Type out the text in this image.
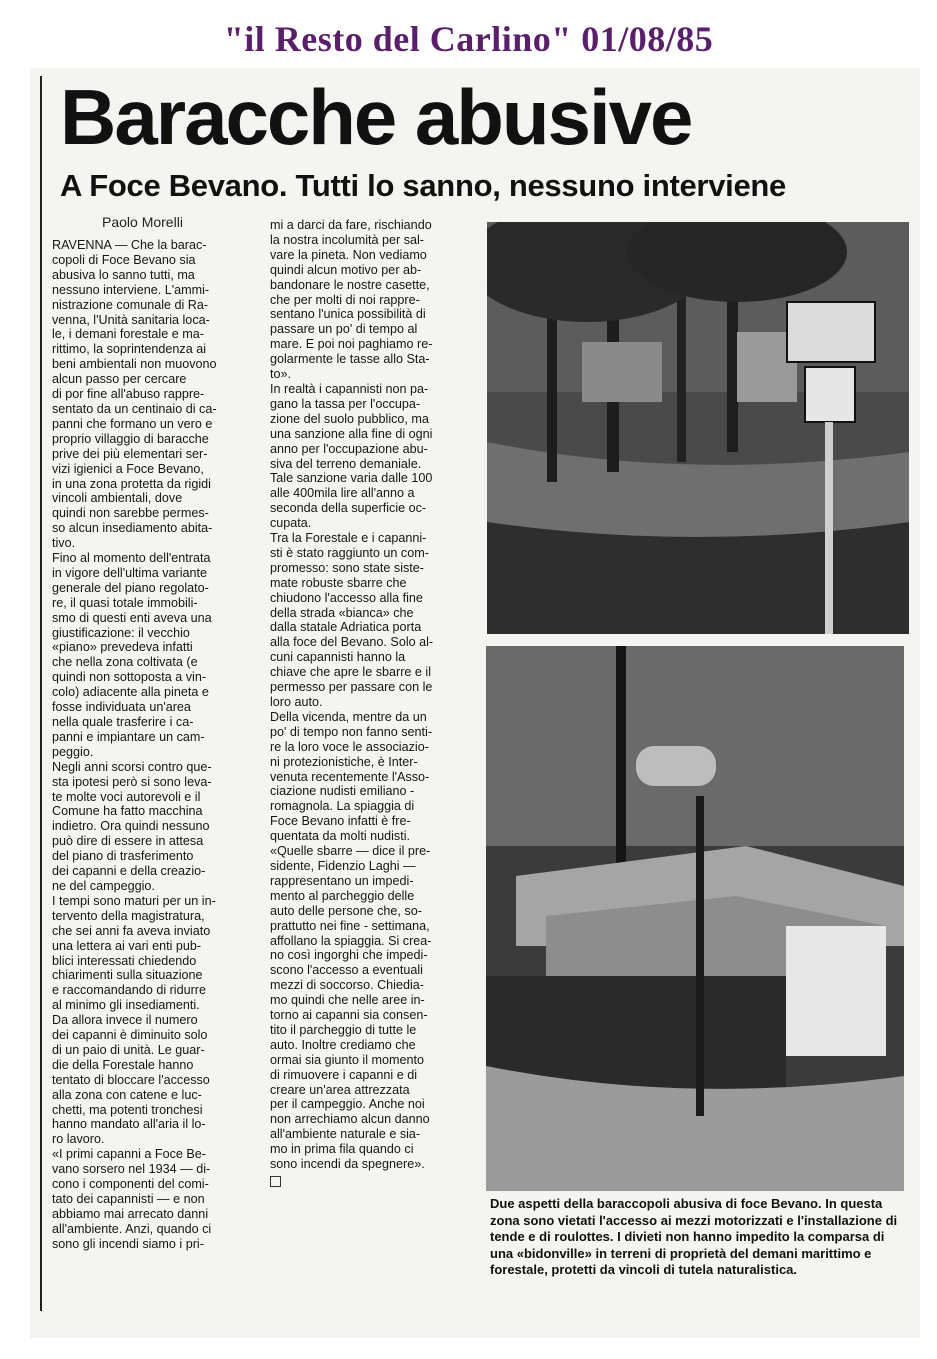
"il Resto del Carlino" 01/08/85
Baracche abusive
A Foce Bevano. Tutti lo sanno, nessuno interviene
Paolo Morelli

RAVENNA — Che la barac-
copoli di Foce Bevano sia
abusiva lo sanno tutti, ma
nessuno interviene. L'ammi-
nistrazione comunale di Ra-
venna, l'Unità sanitaria loca-
le, i demani forestale e ma-
rittimo, la soprintendenza ai
beni ambientali non muovono
alcun passo per cercare
di por fine all'abuso rappre-
sentato da un centinaio di ca-
panni che formano un vero e
proprio villaggio di baracche
prive dei più elementari ser-
vizi igienici a Foce Bevano,
in una zona protetta da rigidi
vincoli ambientali, dove
quindi non sarebbe permes-
so alcun insediamento abita-
tivo.
Fino al momento dell'entrata
in vigore dell'ultima variante
generale del piano regolato-
re, il quasi totale immobili-
smo di questi enti aveva una
giustificazione: il vecchio
«piano» prevedeva infatti
che nella zona coltivata (e
quindi non sottoposta a vin-
colo) adiacente alla pineta e
fosse individuata un'area
nella quale trasferire i ca-
panni e impiantare un cam-
peggio.
Negli anni scorsi contro que-
sta ipotesi però si sono leva-
te molte voci autorevoli e il
Comune ha fatto macchina
indietro. Ora quindi nessuno
può dire di essere in attesa
del piano di trasferimento
dei capanni e della creazio-
ne del campeggio.
I tempi sono maturi per un in-
tervento della magistratura,
che sei anni fa aveva inviato
una lettera ai vari enti pub-
blici interessati chiedendo
chiarimenti sulla situazione
e raccomandando di ridurre
al minimo gli insediamenti.
Da allora invece il numero
dei capanni è diminuito solo
di un paio di unità. Le guar-
die della Forestale hanno
tentato di bloccare l'accesso
alla zona con catene e luc-
chetti, ma potenti tronchesi
hanno mandato all'aria il lo-
ro lavoro.
«I primi capanni a Foce Be-
vano sorsero nel 1934 — di-
cono i componenti del comi-
tato dei capannisti — e non
abbiamo mai arrecato danni
all'ambiente. Anzi, quando ci
sono gli incendi siamo i pri-

mi a darci da fare, rischiando
la nostra incolumità per sal-
vare la pineta. Non vediamo
quindi alcun motivo per ab-
bandonare le nostre casette,
che per molti di noi rappre-
sentano l'unica possibilità di
passare un po' di tempo al
mare. E poi noi paghiamo re-
golarmente le tasse allo Sta-
to».
In realtà i capannisti non pa-
gano la tassa per l'occupa-
zione del suolo pubblico, ma
una sanzione alla fine di ogni
anno per l'occupazione abu-
siva del terreno demaniale.
Tale sanzione varia dalle 100
alle 400mila lire all'anno a
seconda della superficie oc-
cupata.
Tra la Forestale e i capanni-
sti è stato raggiunto un com-
promesso: sono state siste-
mate robuste sbarre che
chiudono l'accesso alla fine
della strada «bianca» che
dalla statale Adriatica porta
alla foce del Bevano. Solo al-
cuni capannisti hanno la
chiave che apre le sbarre e il
permesso per passare con le
loro auto.
Della vicenda, mentre da un
po' di tempo non fanno senti-
re la loro voce le associazio-
ni protezionistiche, è Inter-
venuta recentemente l'Asso-
ciazione nudisti emiliano -
romagnola. La spiaggia di
Foce Bevano infatti è fre-
quentata da molti nudisti.
«Quelle sbarre — dice il pre-
sidente, Fidenzio Laghi —
rappresentano un impedi-
mento al parcheggio delle
auto delle persone che, so-
prattutto nei fine - settimana,
affollano la spiaggia. Si crea-
no così ingorghi che impedi-
scono l'accesso a eventuali
mezzi di soccorso. Chiedia-
mo quindi che nelle aree in-
torno ai capanni sia consen-
tito il parcheggio di tutte le
auto. Inoltre crediamo che
ormai sia giunto il momento
di rimuovere i capanni e di
creare un'area attrezzata
per il campeggio. Anche noi
non arrechiamo alcun danno
all'ambiente naturale e sia-
mo in prima fila quando ci
sono incendi da spegnere».

Due aspetti della baraccopoli abusiva di foce Bevano. In questa zona sono vietati l'accesso ai mezzi motorizzati e l'installazione di tende e di roulottes. I divieti non hanno impedito la comparsa di una «bidonville» in terreni di proprietà del demani marittimo e forestale, protetti da vincoli di tutela naturalistica.
